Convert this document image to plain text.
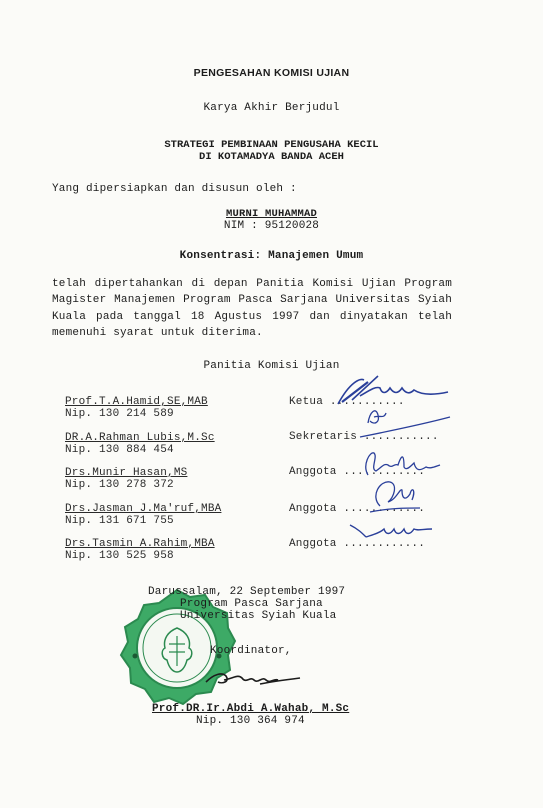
PENGESAHAN KOMISI UJIAN
Karya Akhir Berjudul
STRATEGI PEMBINAAN PENGUSAHA KECIL
DI KOTAMADYA BANDA ACEH
Yang dipersiapkan dan disusun oleh :
MURNI MUHAMMAD
NIM : 95120028
Konsentrasi: Manajemen Umum
telah dipertahankan di depan Panitia Komisi Ujian Program Magister Manajemen Program Pasca Sarjana Universitas Syiah Kuala pada tanggal 18 Agustus 1997 dan dinyatakan telah memenuhi syarat untuk diterima.
Panitia Komisi Ujian
Prof.T.A.Hamid,SE,MAB
Nip. 130 214 589
Ketua ...........
DR.A.Rahman Lubis,M.Sc
Nip. 130 884 454
Sekretaris ...........
Drs.Munir Hasan,MS
Nip. 130 278 372
Anggota ............
Drs.Jasman J.Ma'ruf,MBA
Nip. 131 671 755
Anggota ............
Drs.Tasmin A.Rahim,MBA
Nip. 130 525 958
Anggota ............
Darussalam, 22 September 1997
Program Pasca Sarjana
Universitas Syiah Kuala
Koordinator,
Prof.DR.Ir.Abdi A.Wahab, M.Sc
Nip. 130 364 974
